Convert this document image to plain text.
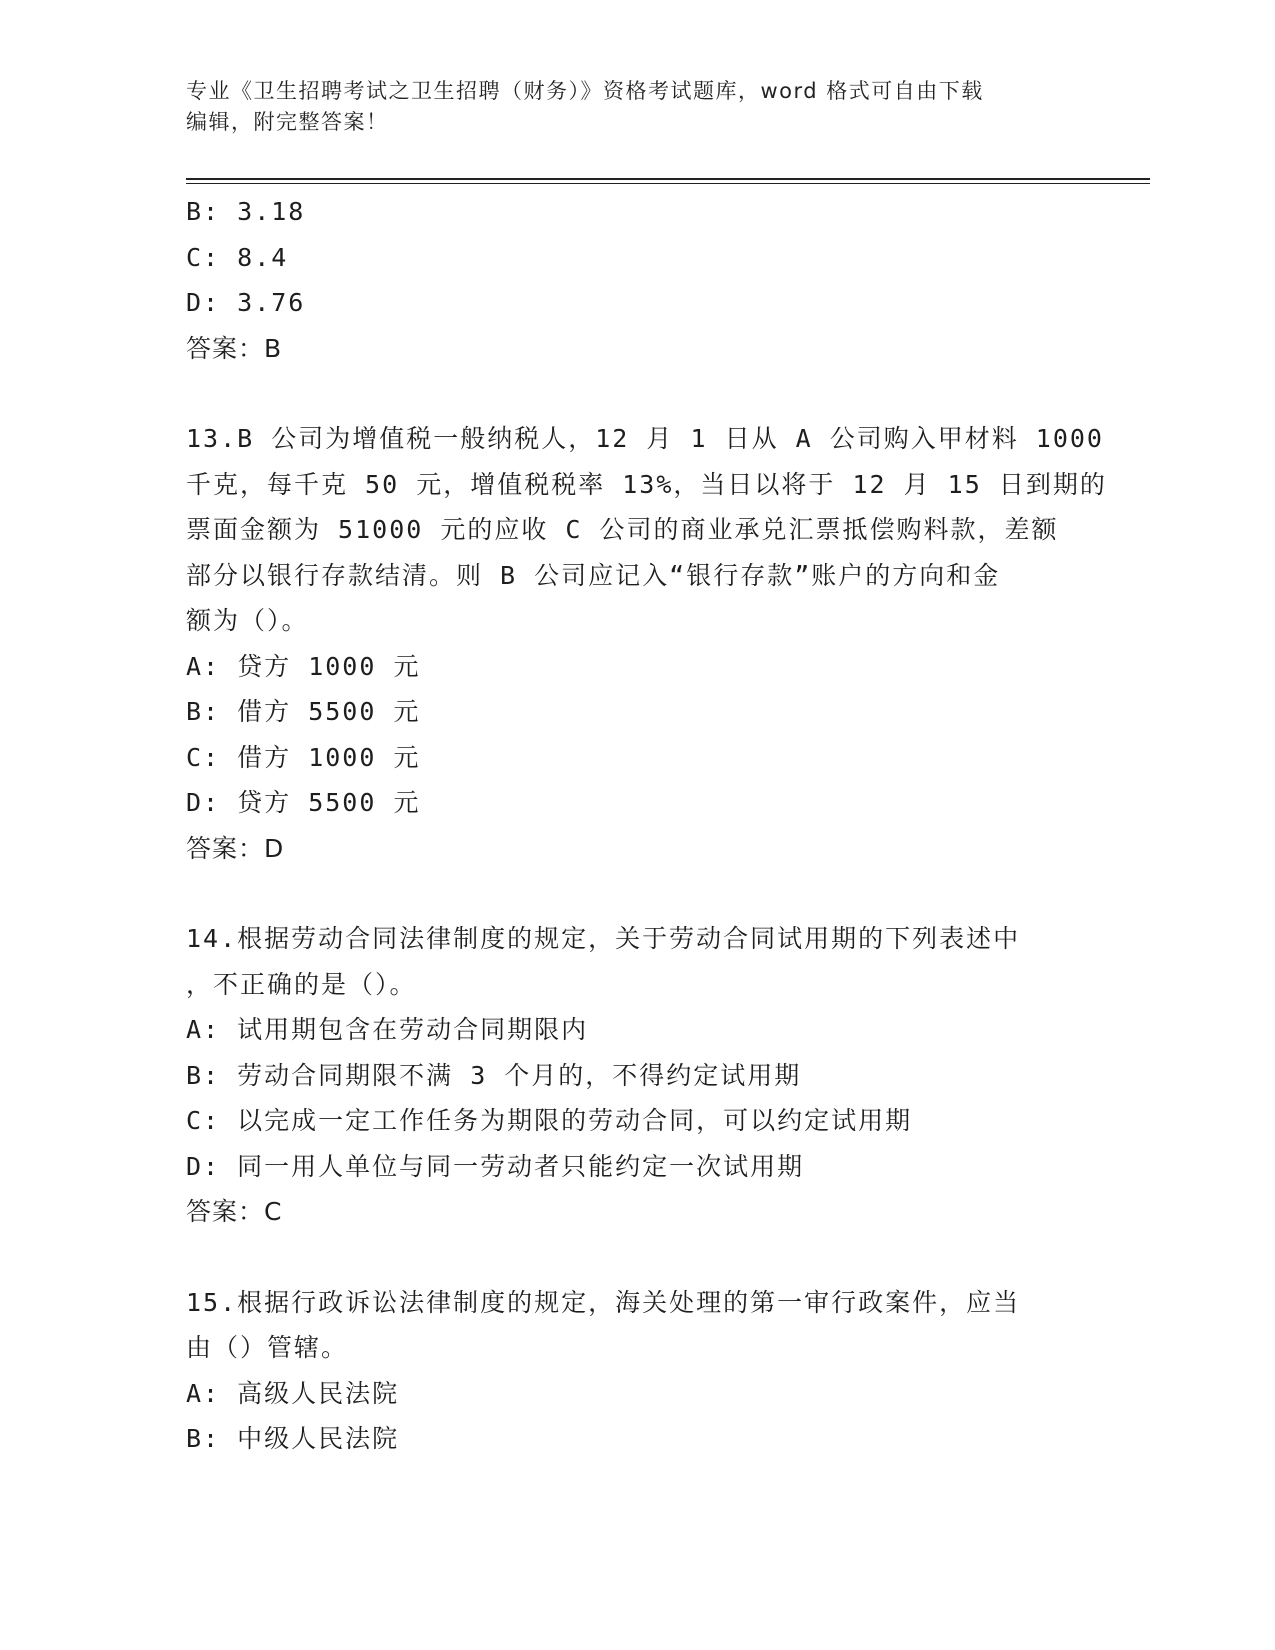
专业《卫生招聘考试之卫生招聘（财务）》资格考试题库，word 格式可自由下载
编辑，附完整答案！
B: 3.18
C: 8.4
D: 3.76
答案：B
13.B 公司为增值税一般纳税人，12 月 1 日从 A 公司购入甲材料 1000
千克，每千克 50 元，增值税税率 13%，当日以将于 12 月 15 日到期的
票面金额为 51000 元的应收 C 公司的商业承兑汇票抵偿购料款，差额
部分以银行存款结清。则 B 公司应记入“银行存款”账户的方向和金
额为（）。
A: 贷方 1000 元
B: 借方 5500 元
C: 借方 1000 元
D: 贷方 5500 元
答案：D
14.根据劳动合同法律制度的规定，关于劳动合同试用期的下列表述中
，不正确的是（）。
A: 试用期包含在劳动合同期限内
B: 劳动合同期限不满 3 个月的，不得约定试用期
C: 以完成一定工作任务为期限的劳动合同，可以约定试用期
D: 同一用人单位与同一劳动者只能约定一次试用期
答案：C
15.根据行政诉讼法律制度的规定，海关处理的第一审行政案件，应当
由（）管辖。
A: 高级人民法院
B: 中级人民法院
